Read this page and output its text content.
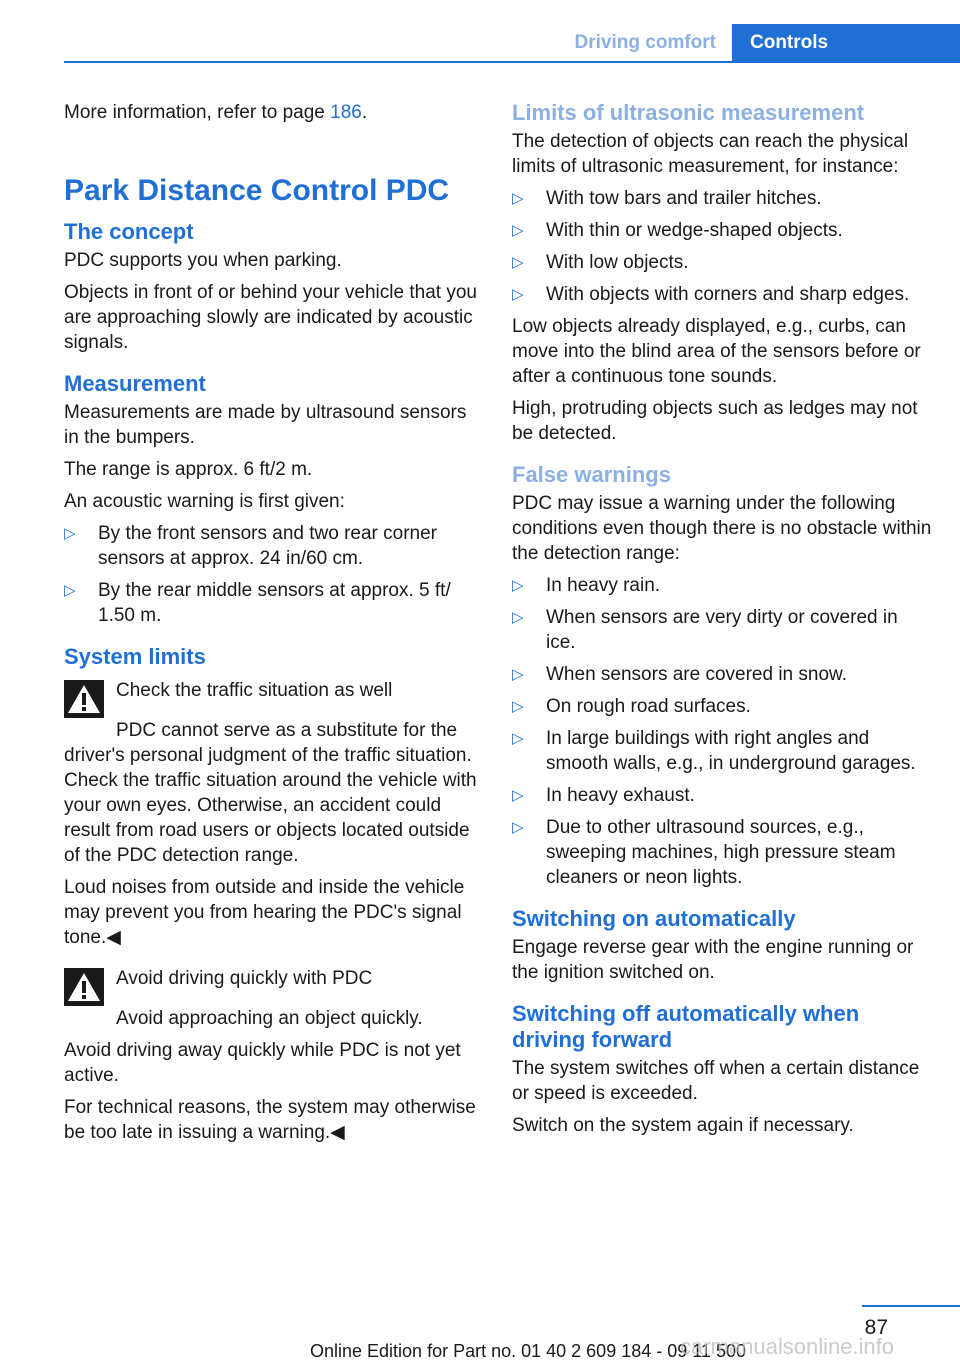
Driving comfort	Controls

More information, refer to page 186.

Park Distance Control PDC
The concept

PDC supports you when parking.

Objects in front of or behind your vehicle that you are approaching slowly are indicated by acoustic signals.

Measurement

Measurements are made by ultrasound sensors in the bumpers.

The range is approx. 6 ft/2 m.

An acoustic warning is first given:

▷ By the front sensors and two rear corner sensors at approx. 24 in/60 cm.
▷ By the rear middle sensors at approx. 5 ft/ 1.50 m.
System limits

Check the traffic situation as well

PDC cannot serve as a substitute for the driver's personal judgment of the traffic situation. Check the traffic situation around the vehicle with your own eyes. Otherwise, an accident could result from road users or objects located outside of the PDC detection range.

Loud noises from outside and inside the vehicle may prevent you from hearing the PDC's signal tone.◀

Avoid driving quickly with PDC

Avoid approaching an object quickly.

Avoid driving away quickly while PDC is not yet active.

For technical reasons, the system may otherwise be too late in issuing a warning.◀

Limits of ultrasonic measurement

The detection of objects can reach the physical limits of ultrasonic measurement, for instance:

▷ With tow bars and trailer hitches.
▷ With thin or wedge-shaped objects.
▷ With low objects.
▷ With objects with corners and sharp edges.

Low objects already displayed, e.g., curbs, can move into the blind area of the sensors before or after a continuous tone sounds.

High, protruding objects such as ledges may not be detected.

False warnings

PDC may issue a warning under the following conditions even though there is no obstacle within the detection range:

▷ In heavy rain.
▷ When sensors are very dirty or covered in ice.
▷ When sensors are covered in snow.
▷ On rough road surfaces.
▷ In large buildings with right angles and smooth walls, e.g., in underground garages.
▷ In heavy exhaust.
▷ Due to other ultrasound sources, e.g., sweeping machines, high pressure steam cleaners or neon lights.
Switching on automatically

Engage reverse gear with the engine running or the ignition switched on.

Switching off automatically when driving forward

The system switches off when a certain distance or speed is exceeded.

Switch on the system again if necessary.

87
Online Edition for Part no. 01 40 2 609 184 - 09 11 500
carmanualsonline.info
